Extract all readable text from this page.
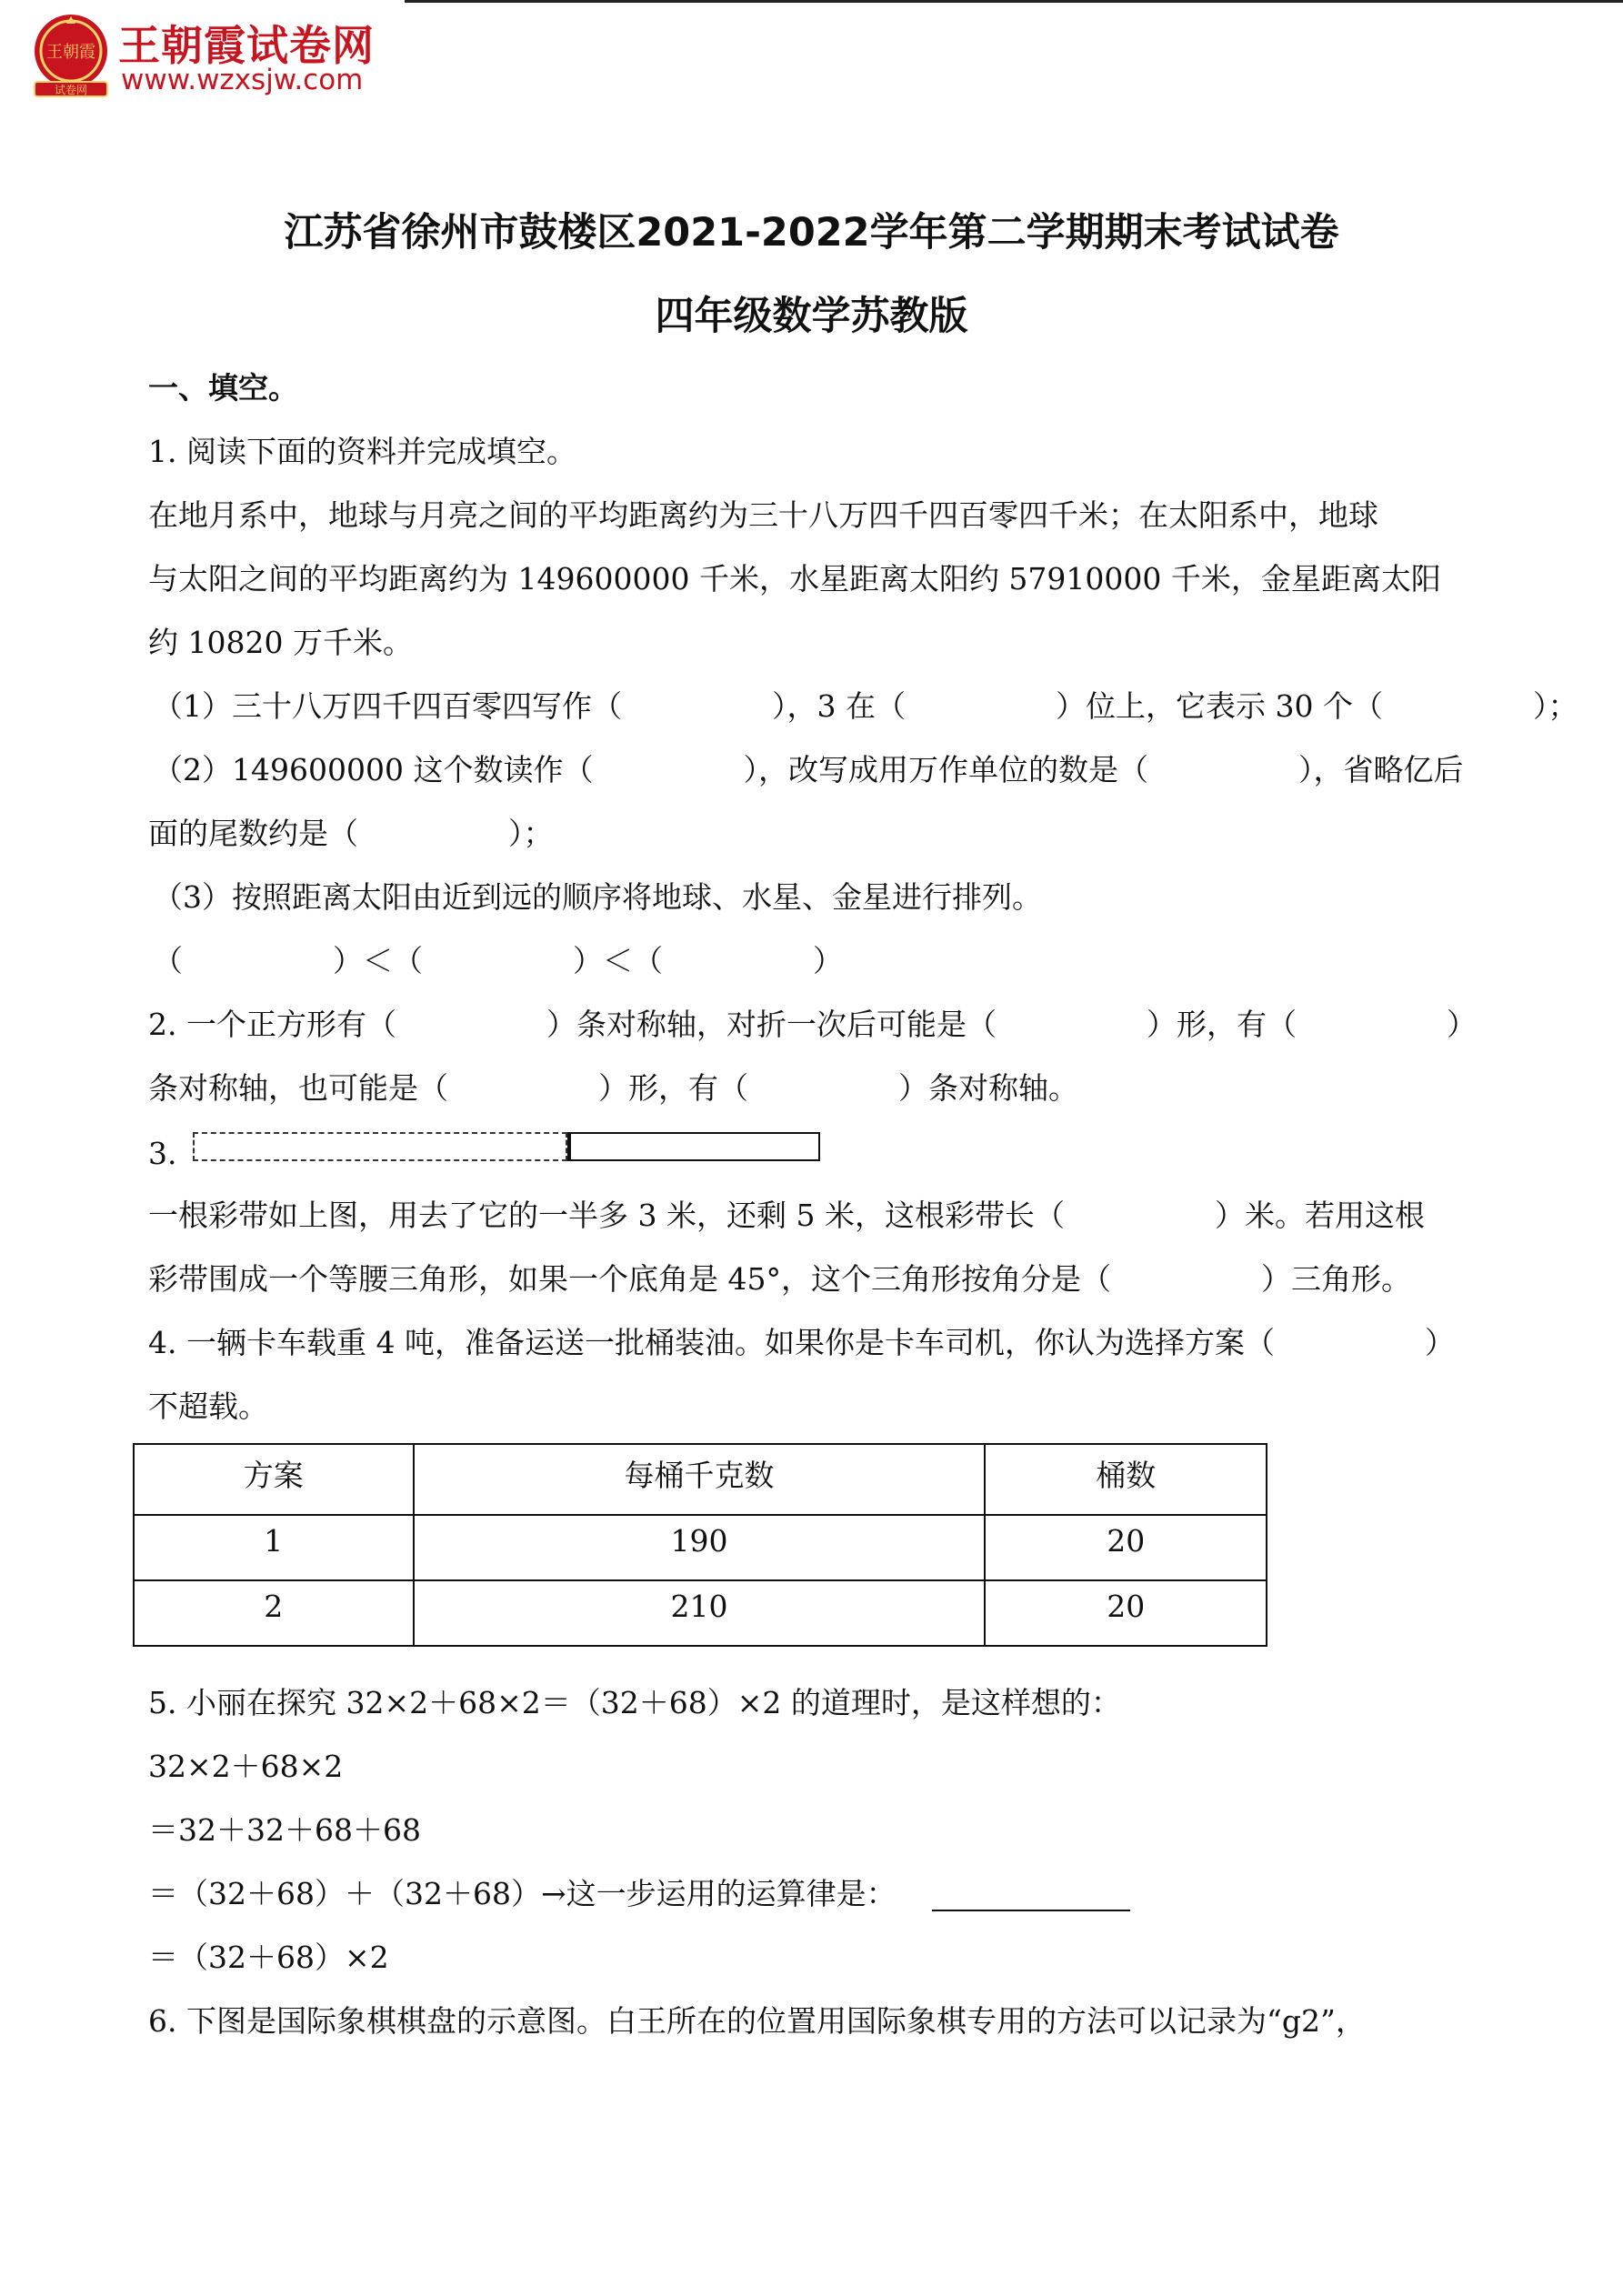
王朝霞
试卷网
王朝霞试卷网
www.wzxsjw.com
江苏省徐州市鼓楼区2021-2022学年第二学期期末考试试卷
四年级数学苏教版
一、填空。
1. 阅读下面的资料并完成填空。
在地月系中，地球与月亮之间的平均距离约为三十八万四千四百零四千米；在太阳系中，地球
与太阳之间的平均距离约为 149600000 千米，水星距离太阳约 57910000 千米，金星距离太阳
约 10820 万千米。
（1）三十八万四千四百零四写作（　　　　　），3 在（　　　　　）位上，它表示 30 个（　　　　　）；
（2）149600000 这个数读作（　　　　　），改写成用万作单位的数是（　　　　　），省略亿后
面的尾数约是（　　　　　）；
（3）按照距离太阳由近到远的顺序将地球、水星、金星进行排列。
（　　　　　）＜（　　　　　）＜（　　　　　）
2. 一个正方形有（　　　　　）条对称轴，对折一次后可能是（　　　　　）形，有（　　　　　）
条对称轴，也可能是（　　　　　）形，有（　　　　　）条对称轴。
3.
一根彩带如上图，用去了它的一半多 3 米，还剩 5 米，这根彩带长（　　　　　）米。若用这根
彩带围成一个等腰三角形，如果一个底角是 45°，这个三角形按角分是（　　　　　）三角形。
4. 一辆卡车载重 4 吨，准备运送一批桶装油。如果你是卡车司机，你认为选择方案（　　　　　）
不超载。
方案	每桶千克数	桶数
1	190	20
2	210	20
5. 小丽在探究 32×2＋68×2＝（32＋68）×2 的道理时，是这样想的：
32×2＋68×2
＝32＋32＋68＋68
＝（32＋68）＋（32＋68）→这一步运用的运算律是：
＝（32＋68）×2
6. 下图是国际象棋棋盘的示意图。白王所在的位置用国际象棋专用的方法可以记录为“g2”，
